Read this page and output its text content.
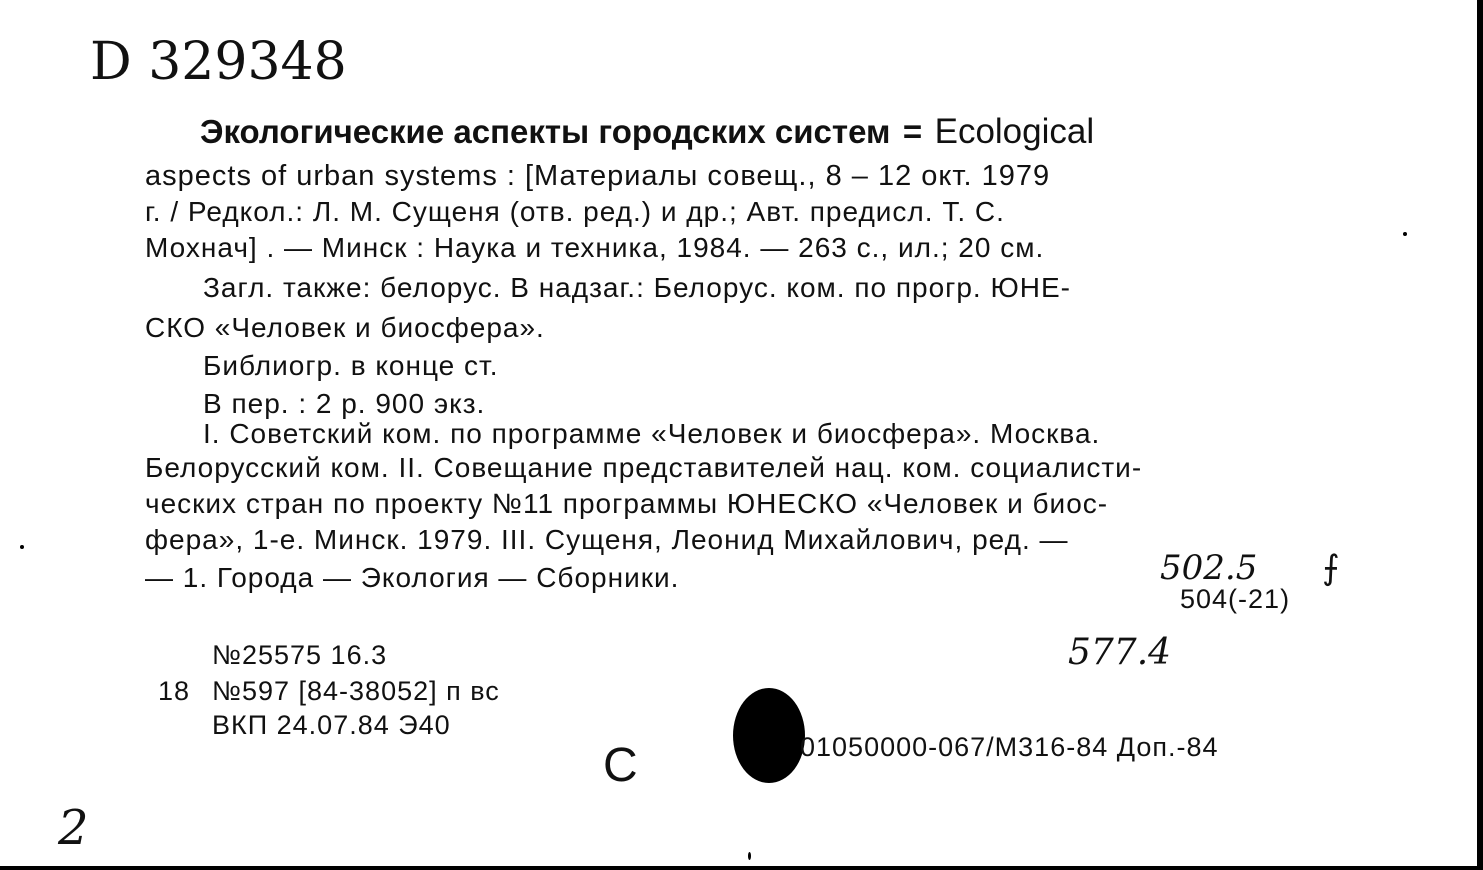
D 329348
Экологические аспекты городских систем = Ecological
aspects of urban systems : [Материалы совещ., 8 – 12 окт. 1979
г. / Редкол.: Л. М. Сущеня (отв. ред.) и др.; Авт. предисл. Т. С.
Мохнач] . — Минск : Наука и техника, 1984. — 263 с., ил.; 20 см.
Загл. также: белорус. В надзаг.: Белорус. ком. по прогр. ЮНЕ-
СКО «Человек и биосфера».
Библиогр. в конце ст.
В пер. : 2 р. 900 экз.
I. Советский ком. по программе «Человек и биосфера». Москва.
Белорусский ком. II. Совещание представителей нац. ком. социалисти-
ческих стран по проекту №11 программы ЮНЕСКО «Человек и биос-
фера», 1-е. Минск. 1979. III. Сущеня, Леонид Михайлович, ред. —
— 1. Города — Экология — Сборники.	502.5 ⨍
504(-21)
577.4
№25575 16.3
18 №597 [84-38052] п вс
ВКП 24.07.84 Э40
С	01050000-067/М316-84 Доп.-84
2
